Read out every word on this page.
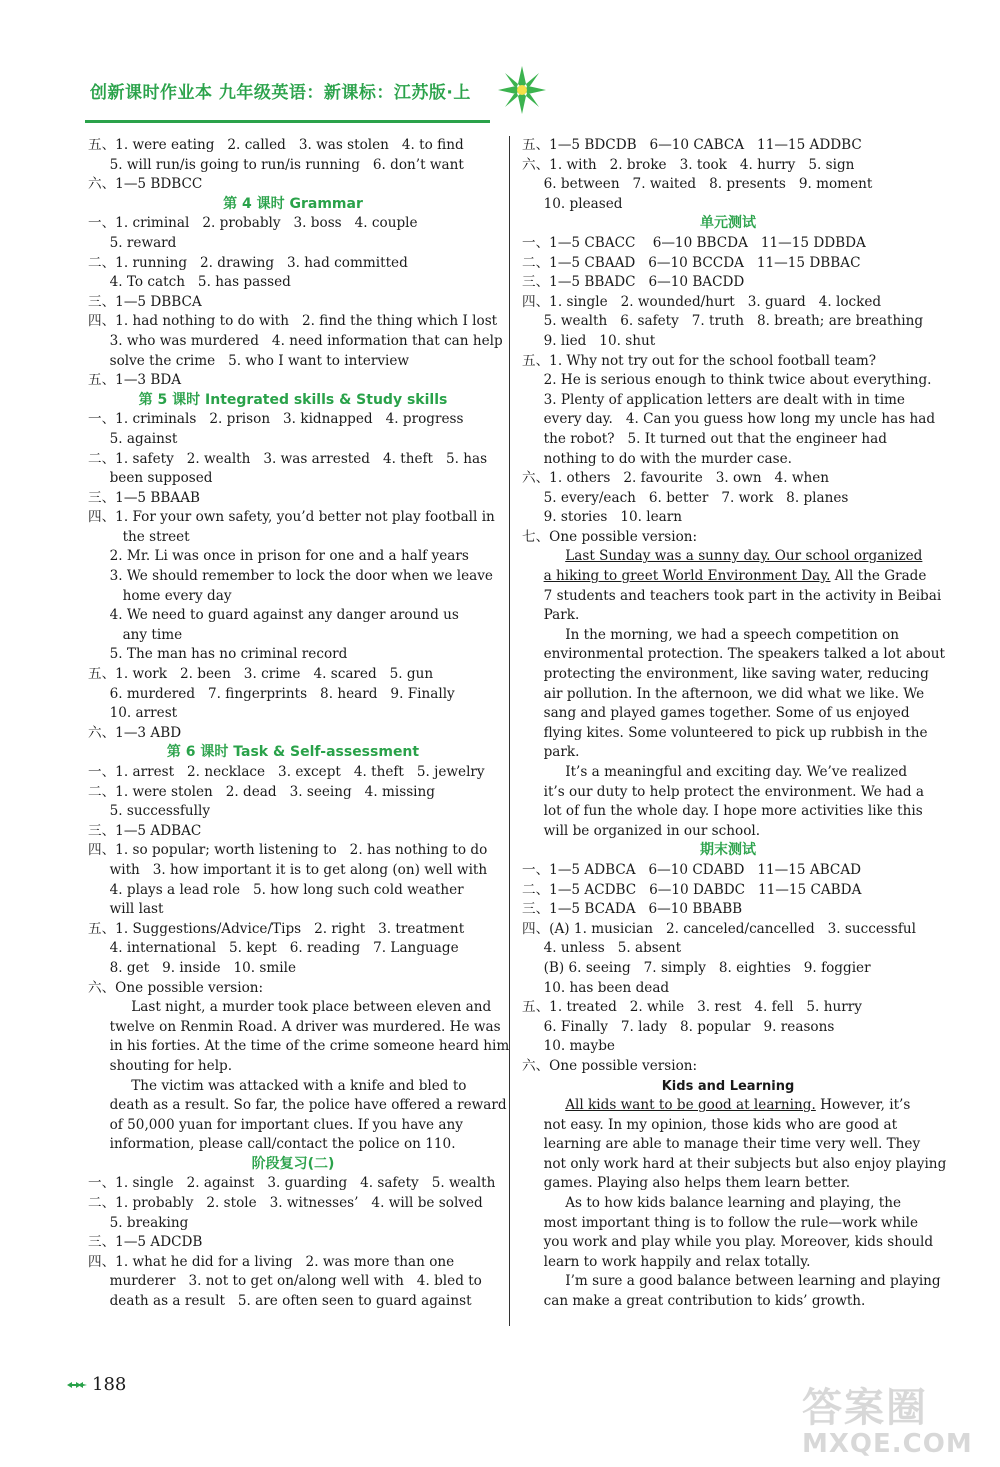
创新课时作业本 九年级英语：新课标：江苏版·上
五、1. were eating   2. called   3. was stolen   4. to find
5. will run/is going to run/is running   6. don’t want
六、1—5 BDBCC
第 4 课时 Grammar
一、1. criminal   2. probably   3. boss   4. couple
5. reward
二、1. running   2. drawing   3. had committed
4. To catch   5. has passed
三、1—5 DBBCA
四、1. had nothing to do with   2. find the thing which I lost
3. who was murdered   4. need information that can help
solve the crime   5. who I want to interview
五、1—3 BDA
第 5 课时 Integrated skills & Study skills
一、1. criminals   2. prison   3. kidnapped   4. progress
5. against
二、1. safety   2. wealth   3. was arrested   4. theft   5. has
been supposed
三、1—5 BBAAB
四、1. For your own safety, you’d better not play football in
the street
2. Mr. Li was once in prison for one and a half years
3. We should remember to lock the door when we leave
home every day
4. We need to guard against any danger around us
any time
5. The man has no criminal record
五、1. work   2. been   3. crime   4. scared   5. gun
6. murdered   7. fingerprints   8. heard   9. Finally
10. arrest
六、1—3 ABD
第 6 课时 Task & Self-assessment
一、1. arrest   2. necklace   3. except   4. theft   5. jewelry
二、1. were stolen   2. dead   3. seeing   4. missing
5. successfully
三、1—5 ADBAC
四、1. so popular; worth listening to   2. has nothing to do
with   3. how important it is to get along (on) well with
4. plays a lead role   5. how long such cold weather
will last
五、1. Suggestions/Advice/Tips   2. right   3. treatment
4. international   5. kept   6. reading   7. Language
8. get   9. inside   10. smile
六、One possible version:
Last night, a murder took place between eleven and
twelve on Renmin Road. A driver was murdered. He was
in his forties. At the time of the crime someone heard him
shouting for help.
The victim was attacked with a knife and bled to
death as a result. So far, the police have offered a reward
of 50,000 yuan for important clues. If you have any
information, please call/contact the police on 110.
阶段复习(二)
一、1. single   2. against   3. guarding   4. safety   5. wealth
二、1. probably   2. stole   3. witnesses’   4. will be solved
5. breaking
三、1—5 ADCDB
四、1. what he did for a living   2. was more than one
murderer   3. not to get on/along well with   4. bled to
death as a result   5. are often seen to guard against
五、1—5 BDCDB   6—10 CABCA   11—15 ADDBC
六、1. with   2. broke   3. took   4. hurry   5. sign
6. between   7. waited   8. presents   9. moment
10. pleased
单元测试
一、1—5 CBACC    6—10 BBCDA   11—15 DDBDA
二、1—5 CBAAD   6—10 BCCDA   11—15 DBBAC
三、1—5 BBADC   6—10 BACDD
四、1. single   2. wounded/hurt   3. guard   4. locked
5. wealth   6. safety   7. truth   8. breath; are breathing
9. lied   10. shut
五、1. Why not try out for the school football team?
2. He is serious enough to think twice about everything.
3. Plenty of application letters are dealt with in time
every day.   4. Can you guess how long my uncle has had
the robot?   5. It turned out that the engineer had
nothing to do with the murder case.
六、1. others   2. favourite   3. own   4. when
5. every/each   6. better   7. work   8. planes
9. stories   10. learn
七、One possible version:
Last Sunday was a sunny day. Our school organized
a hiking to greet World Environment Day. All the Grade
7 students and teachers took part in the activity in Beibai
Park.
In the morning, we had a speech competition on
environmental protection. The speakers talked a lot about
protecting the environment, like saving water, reducing
air pollution. In the afternoon, we did what we like. We
sang and played games together. Some of us enjoyed
flying kites. Some volunteered to pick up rubbish in the
park.
It’s a meaningful and exciting day. We’ve realized
it’s our duty to help protect the environment. We had a
lot of fun the whole day. I hope more activities like this
will be organized in our school.
期末测试
一、1—5 ADBCA   6—10 CDABD   11—15 ABCAD
二、1—5 ACDBC   6—10 DABDC   11—15 CABDA
三、1—5 BCADA   6—10 BBABB
四、(A) 1. musician   2. canceled/cancelled   3. successful
4. unless   5. absent
(B) 6. seeing   7. simply   8. eighties   9. foggier
10. has been dead
五、1. treated   2. while   3. rest   4. fell   5. hurry
6. Finally   7. lady   8. popular   9. reasons
10. maybe
六、One possible version:
Kids and Learning
All kids want to be good at learning. However, it’s
not easy. In my opinion, those kids who are good at
learning are able to manage their time very well. They
not only work hard at their subjects but also enjoy playing
games. Playing also helps them learn better.
As to how kids balance learning and playing, the
most important thing is to follow the rule—work while
you work and play while you play. Moreover, kids should
learn to work happily and relax totally.
I’m sure a good balance between learning and playing
can make a great contribution to kids’ growth.
188
答案圈
MXQE.COM
